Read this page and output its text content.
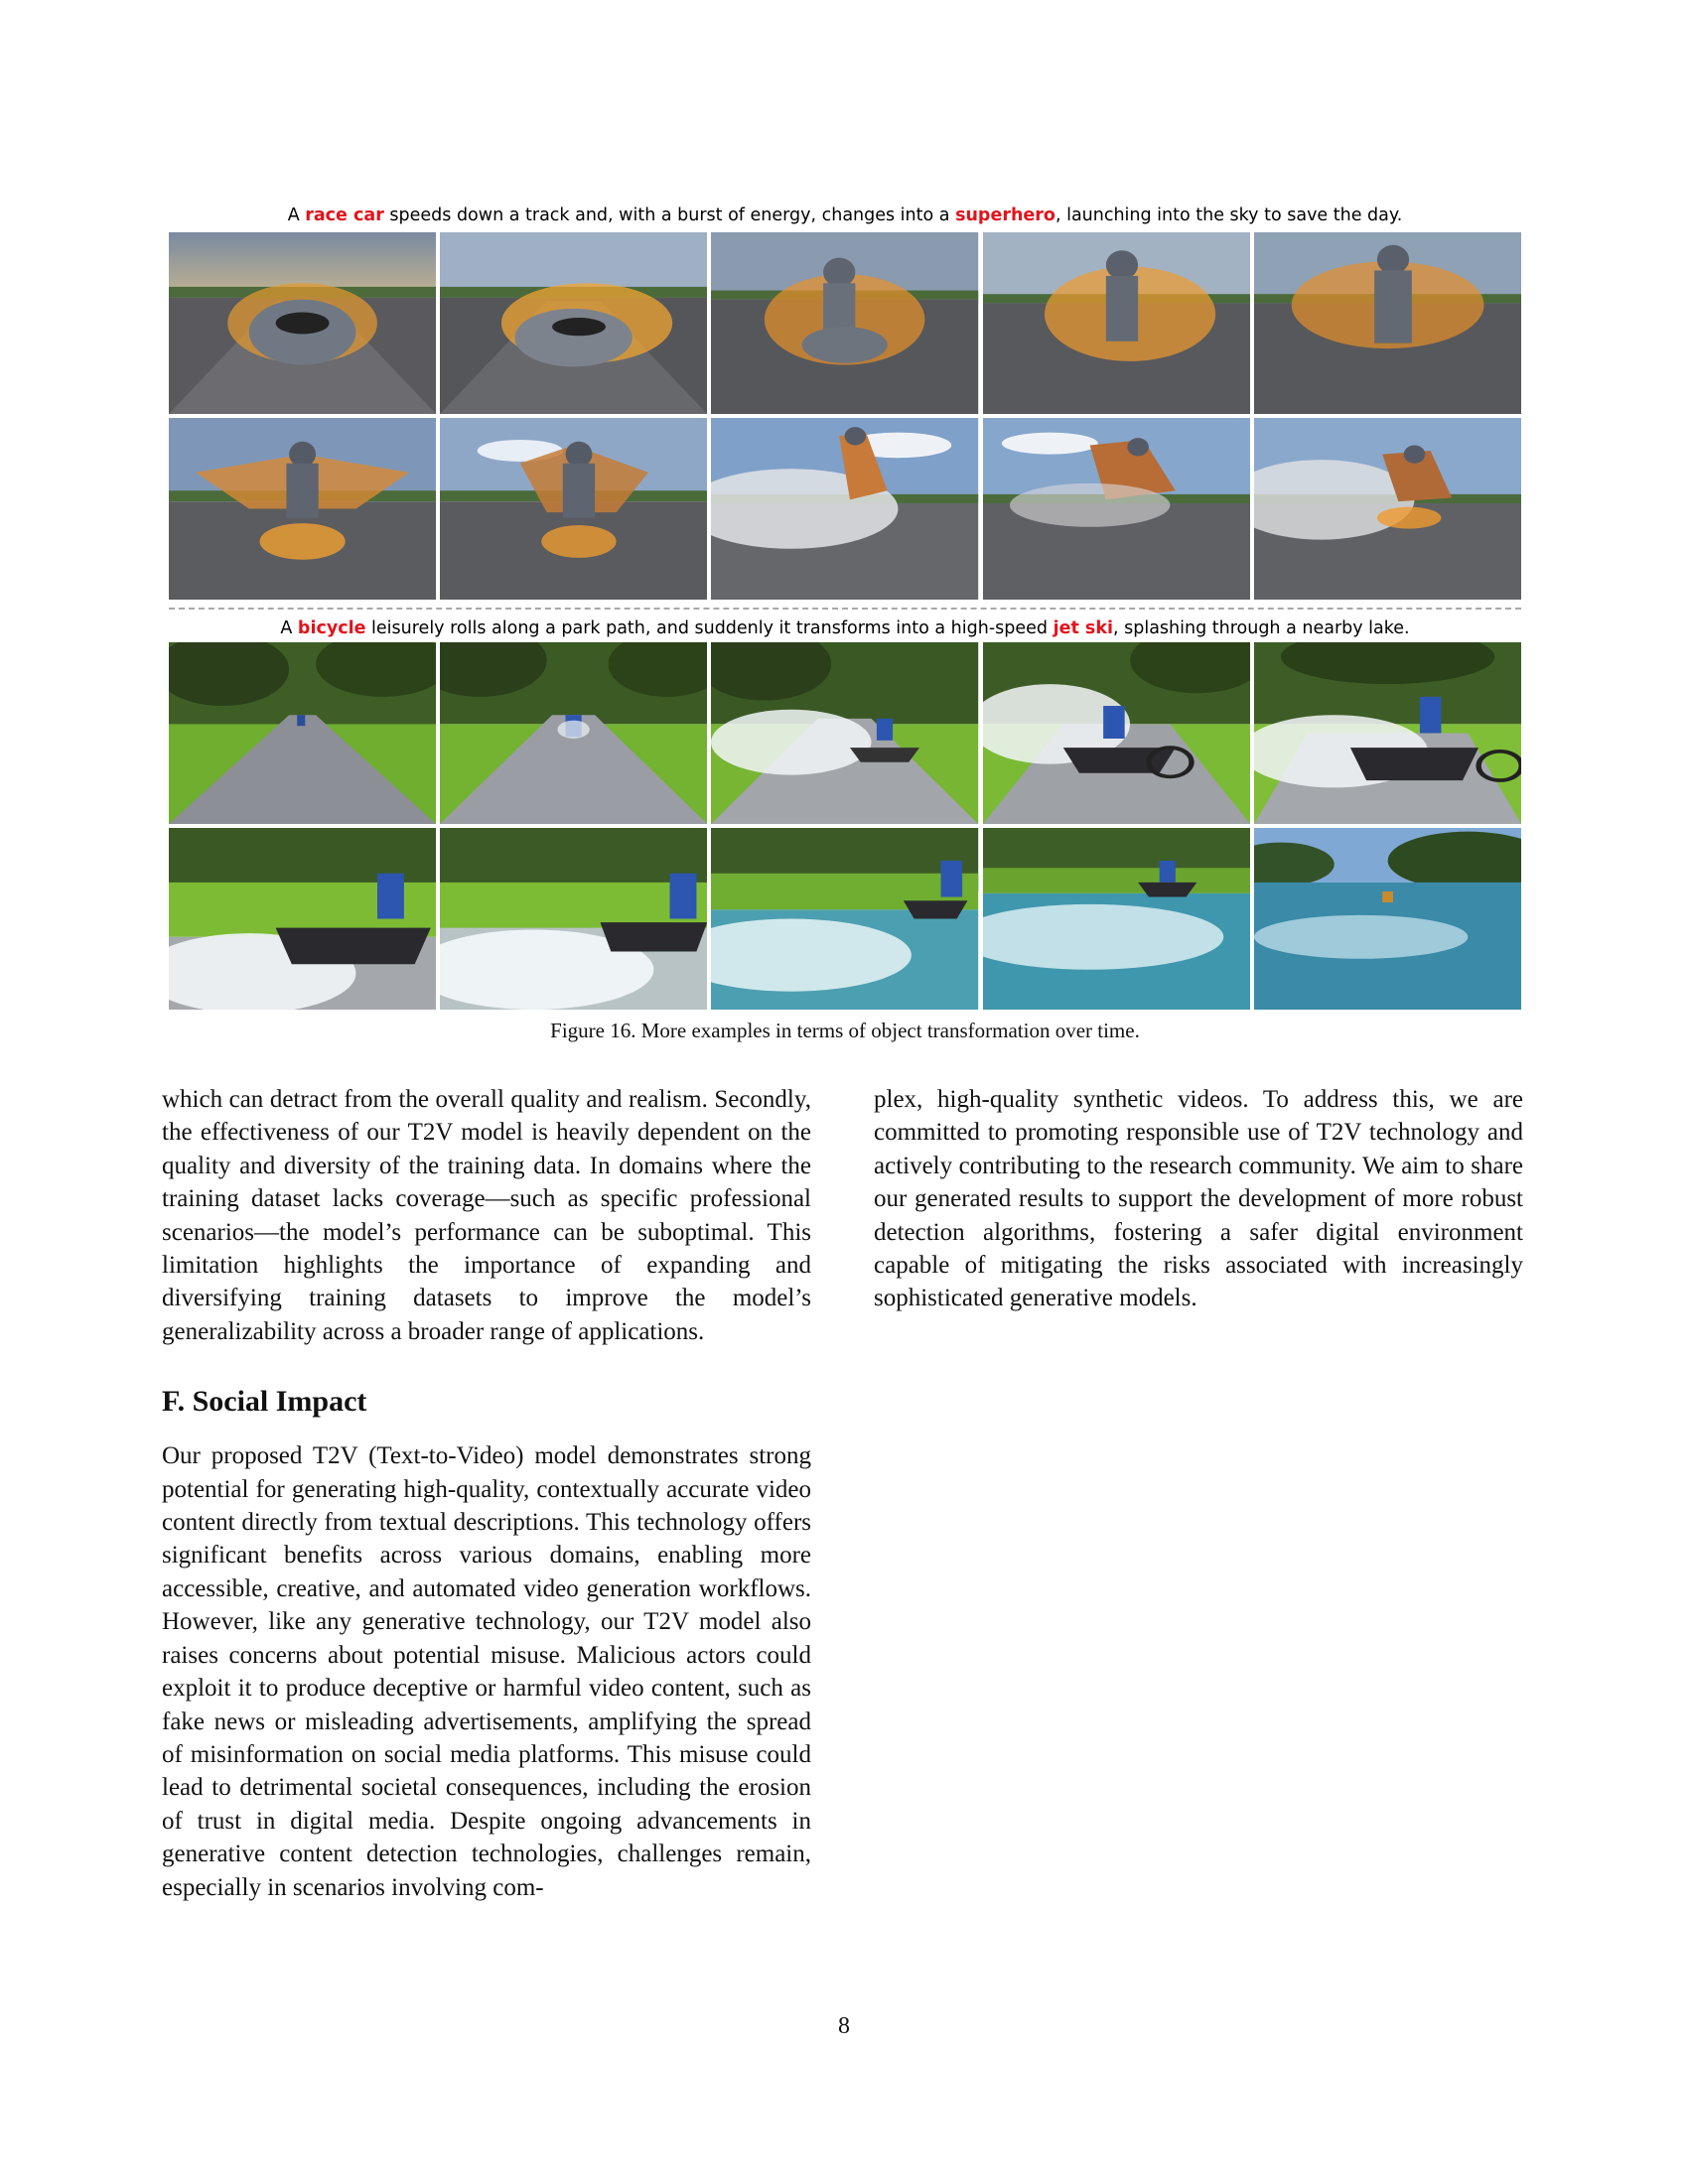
A race car speeds down a track and, with a burst of energy, changes into a superhero, launching into the sky to save the day.
A bicycle leisurely rolls along a park path, and suddenly it transforms into a high-speed jet ski, splashing through a nearby lake.
Figure 16. More examples in terms of object transformation over time.

which can detract from the overall quality and realism. Secondly, the effectiveness of our T2V model is heavily dependent on the quality and diversity of the training data. In domains where the training dataset lacks coverage—such as specific professional scenarios—the model’s performance can be suboptimal. This limitation highlights the importance of expanding and diversifying training datasets to improve the model’s generalizability across a broader range of applications.

F. Social Impact

Our proposed T2V (Text-to-Video) model demonstrates strong potential for generating high-quality, contextually accurate video content directly from textual descriptions. This technology offers significant benefits across various domains, enabling more accessible, creative, and automated video generation workflows. However, like any generative technology, our T2V model also raises concerns about potential misuse. Malicious actors could exploit it to produce deceptive or harmful video content, such as fake news or misleading advertisements, amplifying the spread of misinformation on social media platforms. This misuse could lead to detrimental societal consequences, including the erosion of trust in digital media. Despite ongoing advancements in generative content detection technologies, challenges remain, especially in scenarios involving com-

plex, high-quality synthetic videos. To address this, we are committed to promoting responsible use of T2V technology and actively contributing to the research community. We aim to share our generated results to support the development of more robust detection algorithms, fostering a safer digital environment capable of mitigating the risks associated with increasingly sophisticated generative models.

8
